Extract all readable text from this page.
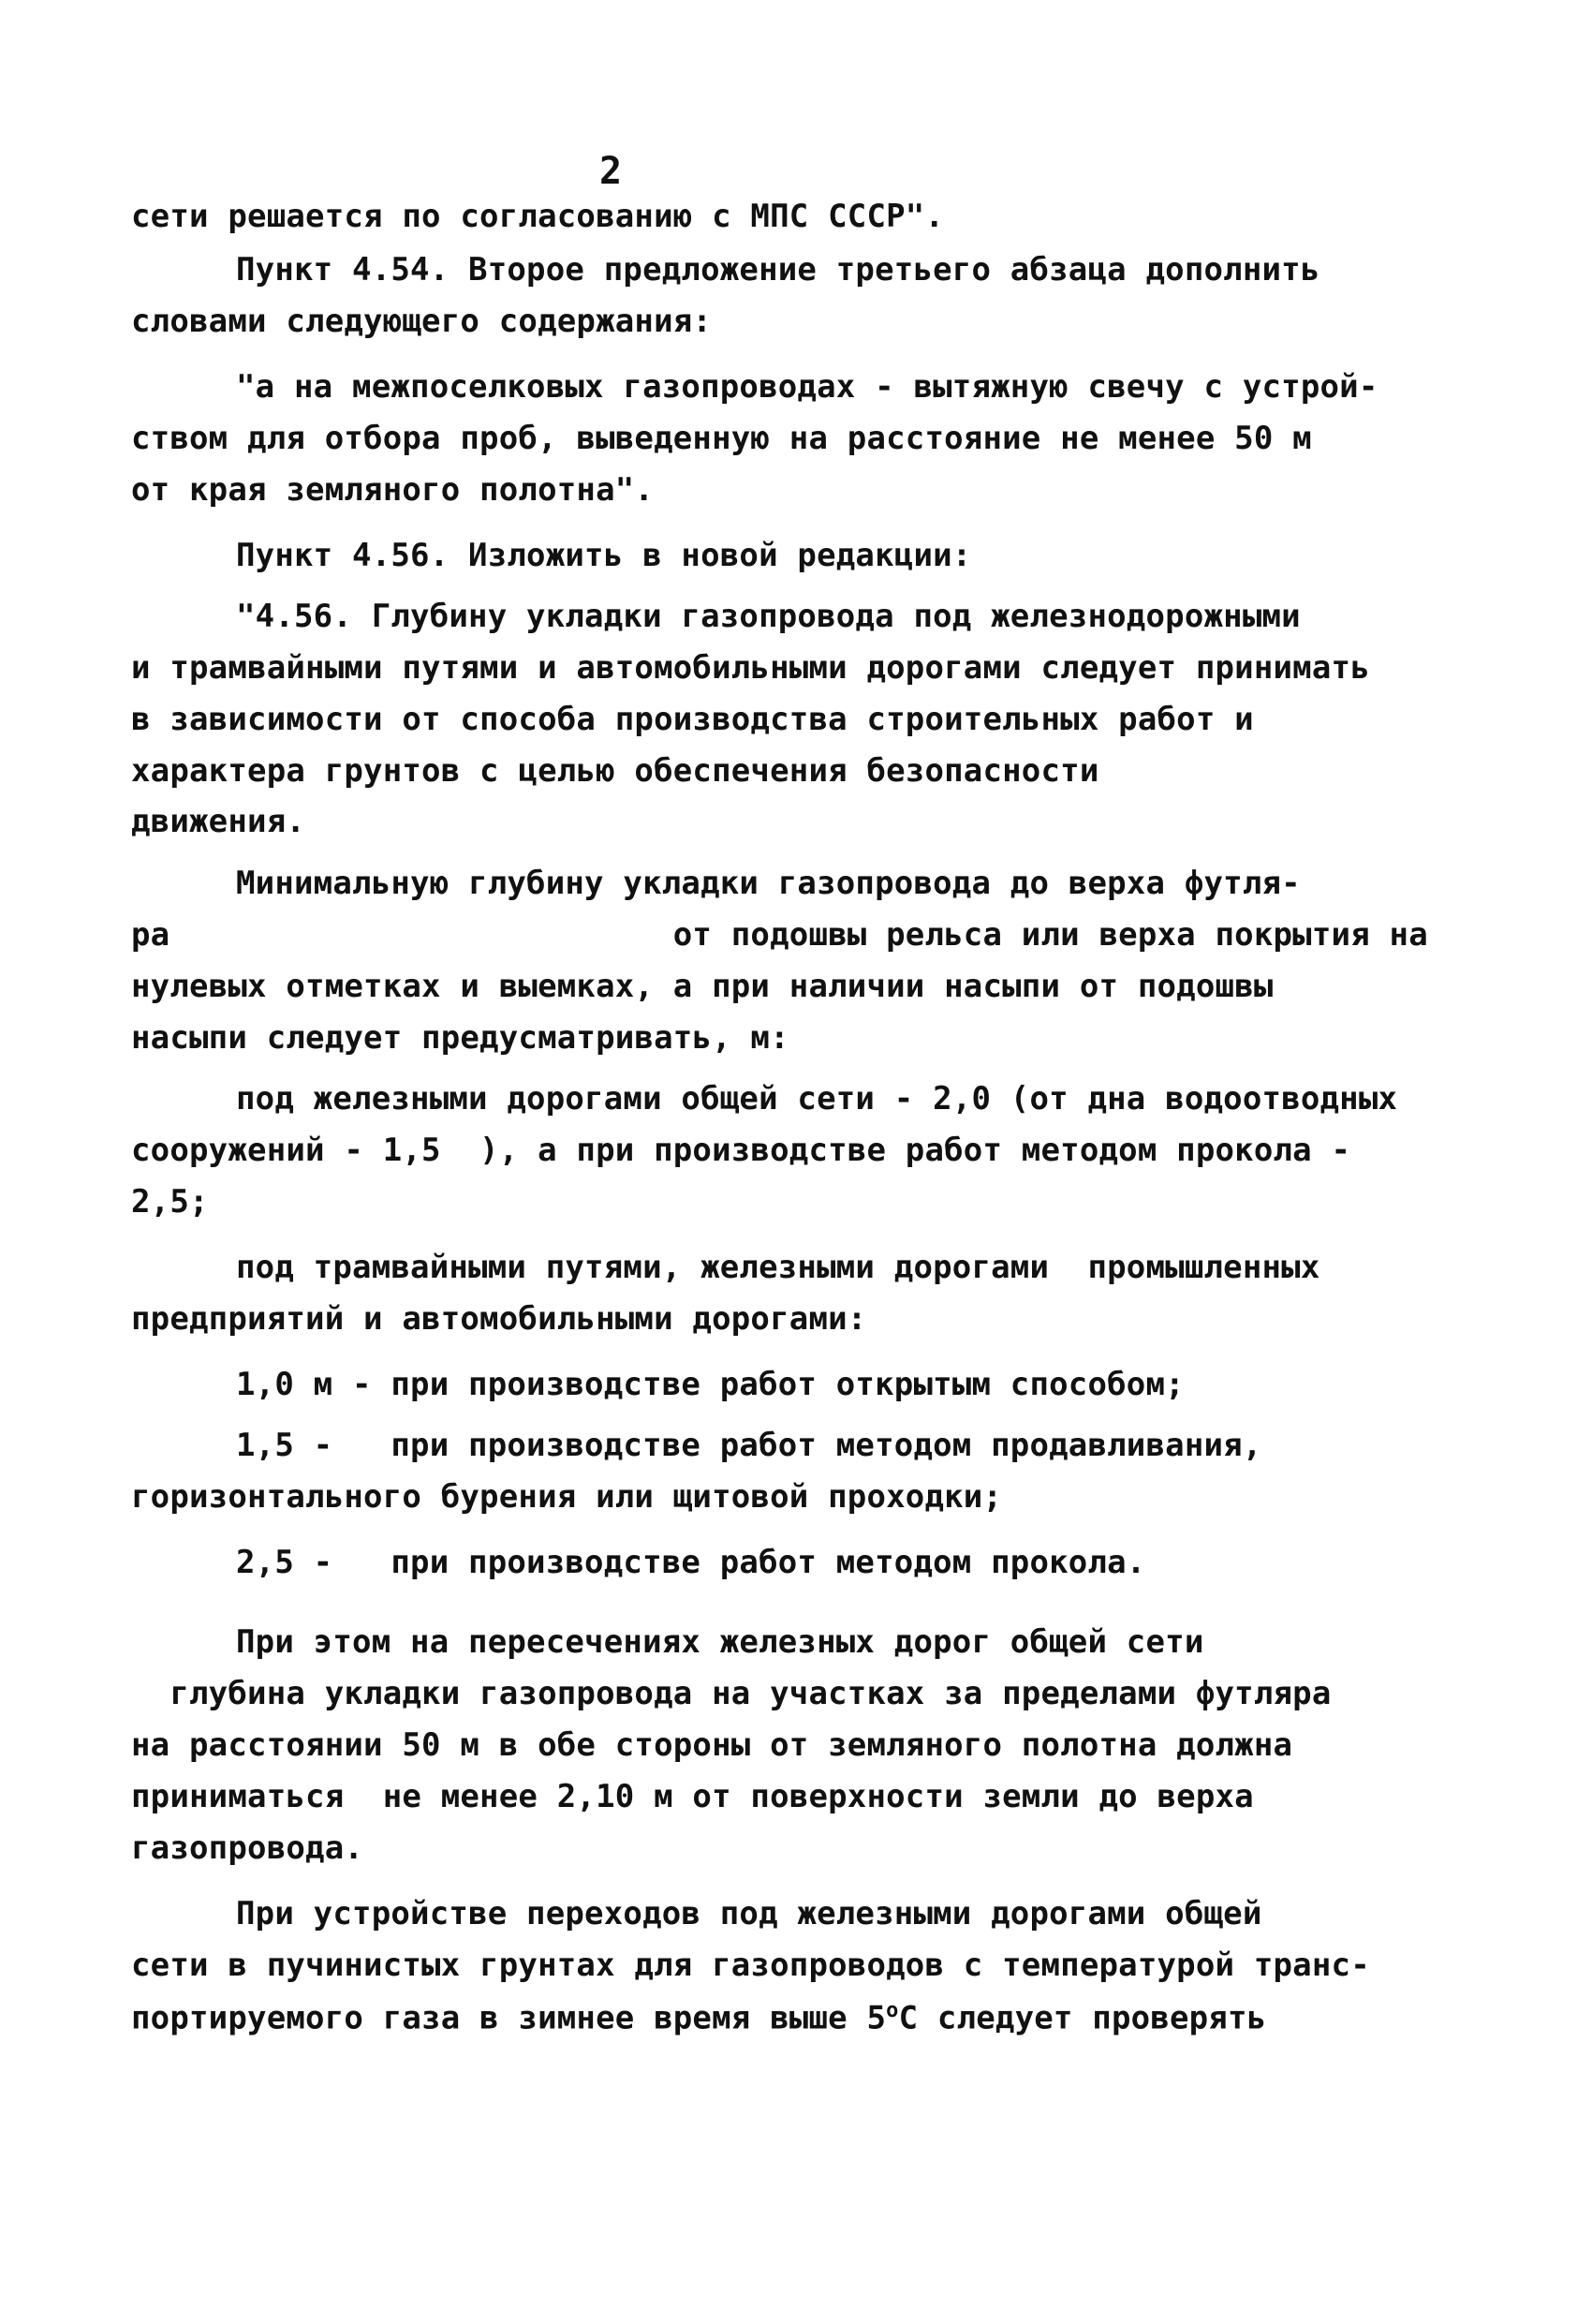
2
сети решается по согласованию с МПС СССР".
Пункт 4.54. Второе предложение третьего абзаца дополнить
словами следующего содержания:
"а на межпоселковых газопроводах - вытяжную свечу с устрой-
ством для отбора проб, выведенную на расстояние не менее 50 м
от края земляного полотна".
Пункт 4.56. Изложить в новой редакции:
"4.56. Глубину укладки газопровода под железнодорожными
и трамвайными путями и автомобильными дорогами следует принимать
в зависимости от способа производства строительных работ и
характера грунтов с целью обеспечения безопасности
движения.
Минимальную глубину укладки газопровода до верха футля-
ра                          от подошвы рельса или верха покрытия на
нулевых отметках и выемках, а при наличии насыпи от подошвы
насыпи следует предусматривать, м:
под железными дорогами общей сети - 2,0 (от дна водоотводных
сооружений - 1,5  ), а при производстве работ методом прокола -
2,5;
под трамвайными путями, железными дорогами  промышленных
предприятий и автомобильными дорогами:
1,0 м - при производстве работ открытым способом;
1,5 -   при производстве работ методом продавливания,
горизонтального бурения или щитовой проходки;
2,5 -   при производстве работ методом прокола.
При этом на пересечениях железных дорог общей сети
глубина укладки газопровода на участках за пределами футляра
на расстоянии 50 м в обе стороны от земляного полотна должна
приниматься  не менее 2,10 м от поверхности земли до верха
газопровода.
При устройстве переходов под железными дорогами общей
сети в пучинистых грунтах для газопроводов с температурой транс-
портируемого газа в зимнее время выше $5^оC$ следует проверять
